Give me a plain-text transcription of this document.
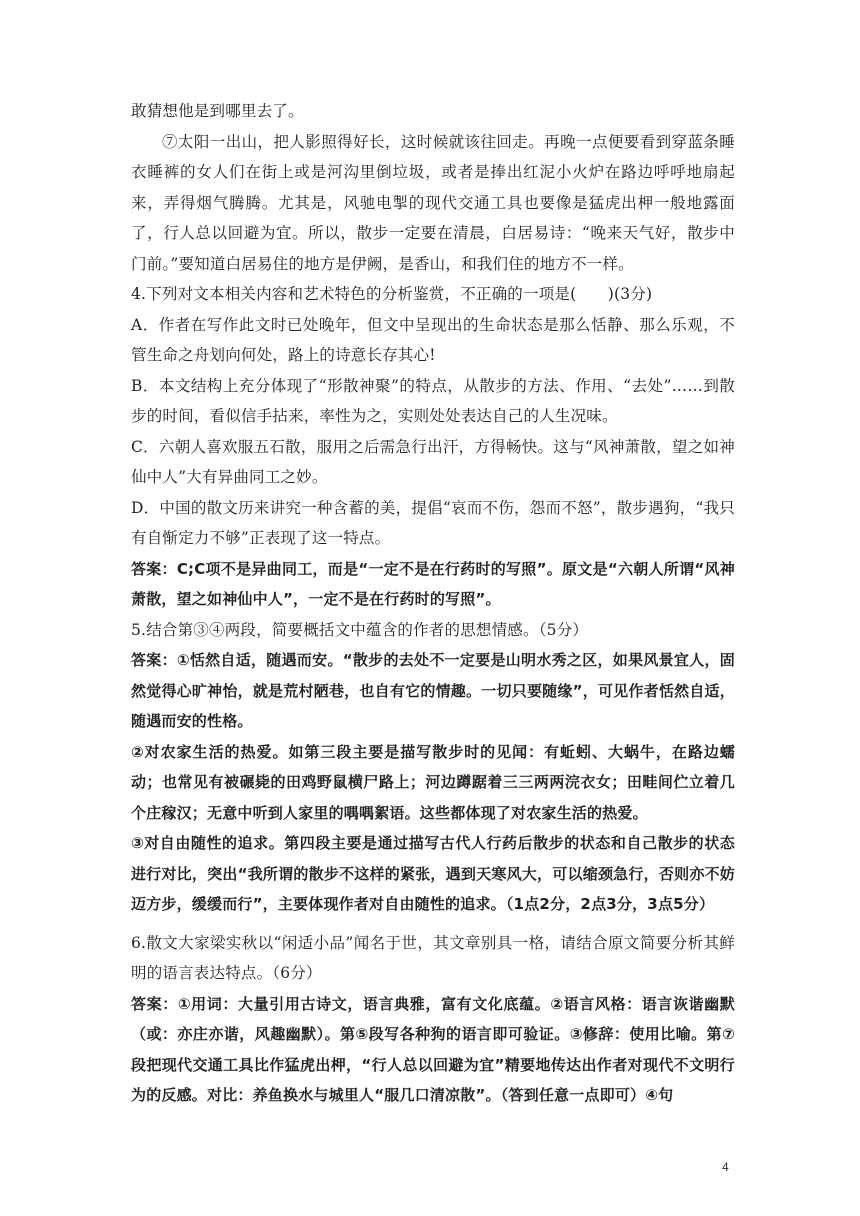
敢猜想他是到哪里去了。

⑦太阳一出山，把人影照得好长，这时候就该往回走。再晚一点便要看到穿蓝条睡衣睡裤的女人们在街上或是河沟里倒垃圾，或者是捧出红泥小火炉在路边呼呼地扇起来，弄得烟气腾腾。尤其是，风驰电掣的现代交通工具也要像是猛虎出柙一般地露面了，行人总以回避为宜。所以，散步一定要在清晨，白居易诗：“晚来天气好，散步中门前。”要知道白居易住的地方是伊阙，是香山，和我们住的地方不一样。

4.下列对文本相关内容和艺术特色的分析鉴赏，不正确的一项是(　　)(3分)

A．作者在写作此文时已处晚年，但文中呈现出的生命状态是那么恬静、那么乐观，不管生命之舟划向何处，路上的诗意长存其心!

B．本文结构上充分体现了“形散神聚”的特点，从散步的方法、作用、“去处”……到散步的时间，看似信手拈来，率性为之，实则处处表达自己的人生况味。

C．六朝人喜欢服五石散，服用之后需急行出汗，方得畅快。这与“风神萧散，望之如神仙中人”大有异曲同工之妙。

D．中国的散文历来讲究一种含蓄的美，提倡“哀而不伤，怨而不怒”，散步遇狗，“我只有自惭定力不够”正表现了这一特点。

答案：C;C项不是异曲同工，而是“一定不是在行药时的写照”。原文是“六朝人所谓“风神萧散，望之如神仙中人”，一定不是在行药时的写照”。

5.结合第③④两段，简要概括文中蕴含的作者的思想情感。（5分）

答案：①恬然自适，随遇而安。“散步的去处不一定要是山明水秀之区，如果风景宜人，固然觉得心旷神怡，就是荒村陋巷，也自有它的情趣。一切只要随缘”，可见作者恬然自适，随遇而安的性格。

②对农家生活的热爱。如第三段主要是描写散步时的见闻：有蚯蚓、大蜗牛，在路边蠕动；也常见有被碾毙的田鸡野鼠横尸路上；河边蹲踞着三三两两浣衣女；田畦间伫立着几个庄稼汉；无意中听到人家里的喁喁絮语。这些都体现了对农家生活的热爱。

③对自由随性的追求。第四段主要是通过描写古代人行药后散步的状态和自己散步的状态进行对比，突出“我所谓的散步不这样的紧张，遇到天寒风大，可以缩颈急行，否则亦不妨迈方步，缓缓而行”，主要体现作者对自由随性的追求。（1点2分，2点3分，3点5分）

6.散文大家梁实秋以“闲适小品”闻名于世，其文章别具一格，请结合原文简要分析其鲜明的语言表达特点。（6分）

答案：①用词：大量引用古诗文，语言典雅，富有文化底蕴。②语言风格：语言诙谐幽默（或：亦庄亦谐，风趣幽默）。第⑤段写各种狗的语言即可验证。③修辞：使用比喻。第⑦段把现代交通工具比作猛虎出柙，“行人总以回避为宜”精要地传达出作者对现代不文明行为的反感。对比：养鱼换水与城里人“服几口清凉散”。（答到任意一点即可）④句

4
